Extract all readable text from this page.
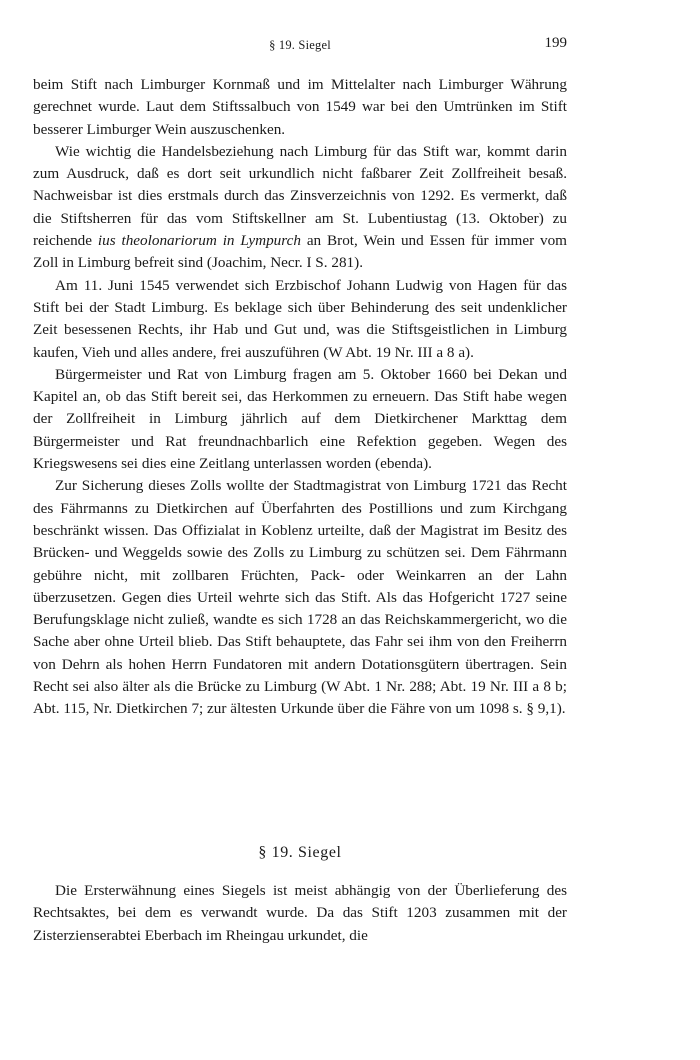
§ 19. Siegel	199

beim Stift nach Limburger Kornmaß und im Mittelalter nach Limburger Währung gerechnet wurde. Laut dem Stiftssalbuch von 1549 war bei den Umtrünken im Stift besserer Limburger Wein auszuschenken.

Wie wichtig die Handelsbeziehung nach Limburg für das Stift war, kommt darin zum Ausdruck, daß es dort seit urkundlich nicht faßbarer Zeit Zollfreiheit besaß. Nachweisbar ist dies erstmals durch das Zinsverzeichnis von 1292. Es vermerkt, daß die Stiftsherren für das vom Stiftskellner am St. Lubentiustag (13. Oktober) zu reichende ius theolonariorum in Lympurch an Brot, Wein und Essen für immer vom Zoll in Limburg befreit sind (Joachim, Necr. I S. 281).

Am 11. Juni 1545 verwendet sich Erzbischof Johann Ludwig von Hagen für das Stift bei der Stadt Limburg. Es beklage sich über Behinderung des seit undenklicher Zeit besessenen Rechts, ihr Hab und Gut und, was die Stiftsgeistlichen in Limburg kaufen, Vieh und alles andere, frei auszuführen (W Abt. 19 Nr. III a 8 a).

Bürgermeister und Rat von Limburg fragen am 5. Oktober 1660 bei Dekan und Kapitel an, ob das Stift bereit sei, das Herkommen zu erneuern. Das Stift habe wegen der Zollfreiheit in Limburg jährlich auf dem Dietkirchener Markttag dem Bürgermeister und Rat freundnachbarlich eine Refektion gegeben. Wegen des Kriegswesens sei dies eine Zeitlang unterlassen worden (ebenda).

Zur Sicherung dieses Zolls wollte der Stadtmagistrat von Limburg 1721 das Recht des Fährmanns zu Dietkirchen auf Überfahrten des Postillions und zum Kirchgang beschränkt wissen. Das Offizialat in Koblenz urteilte, daß der Magistrat im Besitz des Brücken- und Weggelds sowie des Zolls zu Limburg zu schützen sei. Dem Fährmann gebühre nicht, mit zollbaren Früchten, Pack- oder Weinkarren an der Lahn überzusetzen. Gegen dies Urteil wehrte sich das Stift. Als das Hofgericht 1727 seine Berufungsklage nicht zuließ, wandte es sich 1728 an das Reichskammergericht, wo die Sache aber ohne Urteil blieb. Das Stift behauptete, das Fahr sei ihm von den Freiherrn von Dehrn als hohen Herrn Fundatoren mit andern Dotationsgütern übertragen. Sein Recht sei also älter als die Brücke zu Limburg (W Abt. 1 Nr. 288; Abt. 19 Nr. III a 8 b; Abt. 115, Nr. Dietkirchen 7; zur ältesten Urkunde über die Fähre von um 1098 s. § 9,1).

§ 19. Siegel

Die Ersterwähnung eines Siegels ist meist abhängig von der Überlieferung des Rechtsaktes, bei dem es verwandt wurde. Da das Stift 1203 zusammen mit der Zisterzienserabtei Eberbach im Rheingau urkundet, die
